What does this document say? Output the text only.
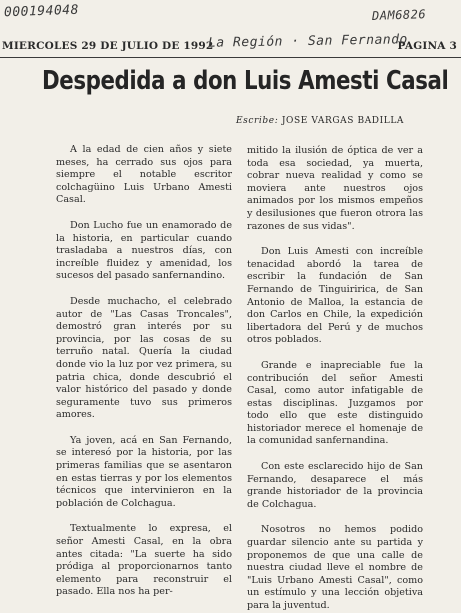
000194048	DAM6826
MIERCOLES 29 DE JULIO DE 1992	PAGINA 3
La Región · San Fernando
Despedida a don Luis Amesti Casal
Escribe: JOSE VARGAS BADILLA

A la edad de cien años y siete meses, ha cerrado sus ojos para siempre el notable escritor colchagüino Luis Urbano Amesti Casal.

Don Lucho fue un enamorado de la historia, en particular cuando trasladaba a nuestros días, con increíble fluidez y amenidad, los sucesos del pasado sanfernandino.

Desde muchacho, el celebrado autor de "Las Casas Troncales", demostró gran interés por su provincia, por las cosas de su terruño natal. Quería la ciudad donde vio la luz por vez primera, su patria chica, donde descubrió el valor histórico del pasado y donde seguramente tuvo sus primeros amores.

Ya joven, acá en San Fernando, se interesó por la historia, por las primeras familias que se asentaron en estas tierras y por los elementos técnicos que intervinieron en la población de Colchagua.

Textualmente lo expresa, el señor Amesti Casal, en la obra antes citada: "La suerte ha sido pródiga al proporcionarnos tanto elemento para reconstruir el pasado. Ella nos ha per-

mitido la ilusión de óptica de ver a toda esa sociedad, ya muerta, cobrar nueva realidad y como se moviera ante nuestros ojos animados por los mismos empeños y desilusiones que fueron otrora las razones de sus vidas".

Don Luis Amesti con increíble tenacidad abordó la tarea de escribir la fundación de San Fernando de Tinguiririca, de San Antonio de Malloa, la estancia de don Carlos en Chile, la expedición libertadora del Perú y de muchos otros poblados.

Grande e inapreciable fue la contribución del señor Amesti Casal, como autor infatigable de estas disciplinas. Juzgamos por todo ello que este distinguido historiador merece el homenaje de la comunidad sanfernandina.

Con este esclarecido hijo de San Fernando, desaparece el más grande historiador de la provincia de Colchagua.

Nosotros no hemos podido guardar silencio ante su partida y proponemos de que una calle de nuestra ciudad lleve el nombre de "Luis Urbano Amesti Casal", como un estímulo y una lección objetiva para la juventud.
